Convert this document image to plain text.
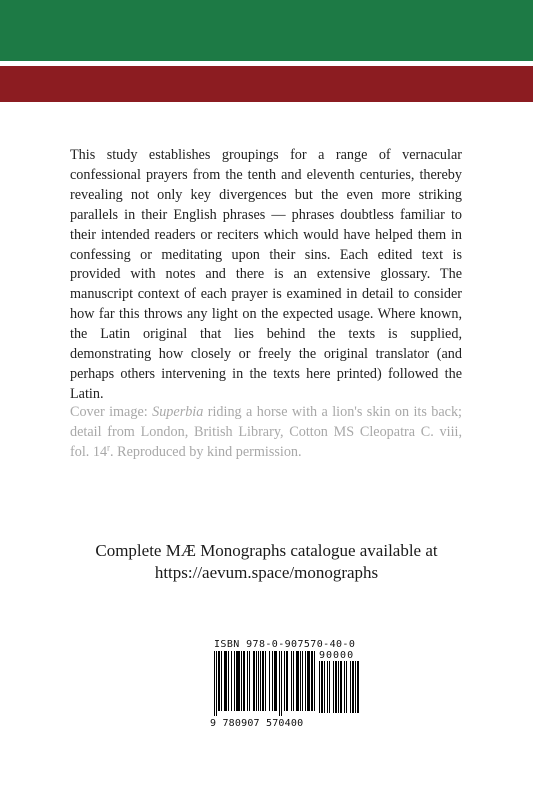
This study establishes groupings for a range of vernacular confessional prayers from the tenth and eleventh centuries, thereby revealing not only key divergences but the even more striking parallels in their English phrases — phrases doubtless familiar to their intended readers or reciters which would have helped them in confessing or meditating upon their sins. Each edited text is provided with notes and there is an extensive glossary. The manuscript context of each prayer is examined in detail to consider how far this throws any light on the expected usage. Where known, the Latin original that lies behind the texts is supplied, demonstrating how closely or freely the original translator (and perhaps others intervening in the texts here printed) followed the Latin.

Cover image: Superbia riding a horse with a lion's skin on its back; detail from London, British Library, Cotton MS Cleopatra C. viii, fol. 14$^r$. Reproduced by kind permission.

Complete MÆ Monographs catalogue available at
https://aevum.space/monographs
ISBN 978-0-907570-40-0
90000
9 780907 570400
